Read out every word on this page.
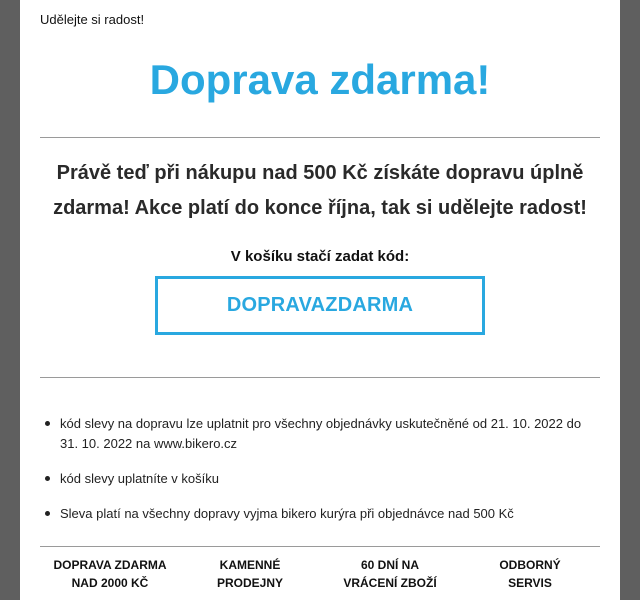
Udělejte si radost!
Doprava zdarma!
Právě teď při nákupu nad 500 Kč získáte dopravu úplně
zdarma! Akce platí do konce října, tak si udělejte radost!
V košíku stačí zadat kód:
DOPRAVAZDARMA
kód slevy na dopravu lze uplatnit pro všechny objednávky uskutečněné od 21. 10. 2022 do
31. 10. 2022 na www.bikero.cz
kód slevy uplatníte v košíku
Sleva platí na všechny dopravy vyjma bikero kurýra při objednávce nad 500 Kč
DOPRAVA ZDARMA
NAD 2000 KČ
KAMENNÉ
PRODEJNY
60 DNÍ NA
VRÁCENÍ ZBOŽÍ
ODBORNÝ
SERVIS
